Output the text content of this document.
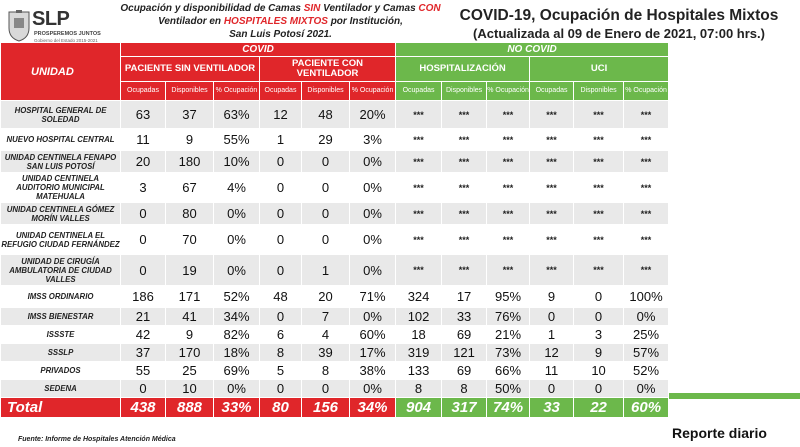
SLP
PROSPEREMOS JUNTOS
Gobierno del Estado 2015-2021
Ocupación y disponibilidad de Camas SIN Ventilador y Camas CON
Ventilador en HOSPITALES MIXTOS por Institución,
San Luis Potosí 2021.
COVID-19, Ocupación de Hospitales Mixtos
(Actualizada al 09 de Enero de 2021, 07:00 hrs.)
UNIDAD	COVID						NO COVID					
	PACIENTE SIN VENTILADOR			PACIENTE CON VENTILADOR			HOSPITALIZACIÓN			UCI		
	Ocupadas	Disponibles	% Ocupación	Ocupadas	Disponibles	% Ocupación	Ocupadas	Disponibles	% Ocupación	Ocupadas	Disponibles	% Ocupación
HOSPITAL GENERAL DE SOLEDAD	63	37	63%	12	48	20%	***	***	***	***	***	***
NUEVO HOSPITAL CENTRAL	11	9	55%	1	29	3%	***	***	***	***	***	***
UNIDAD CENTINELA FENAPO SAN LUIS POTOSÍ	20	180	10%	0	0	0%	***	***	***	***	***	***
UNIDAD CENTINELA AUDITORIO MUNICIPAL MATEHUALA	3	67	4%	0	0	0%	***	***	***	***	***	***
UNIDAD CENTINELA GÓMEZ MORÍN VALLES	0	80	0%	0	0	0%	***	***	***	***	***	***
UNIDAD CENTINELA EL REFUGIO CIUDAD FERNÁNDEZ	0	70	0%	0	0	0%	***	***	***	***	***	***
UNIDAD DE CIRUGÍA AMBULATORIA DE CIUDAD VALLES	0	19	0%	0	1	0%	***	***	***	***	***	***
IMSS ORDINARIO	186	171	52%	48	20	71%	324	17	95%	9	0	100%
IMSS BIENESTAR	21	41	34%	0	7	0%	102	33	76%	0	0	0%
ISSSTE	42	9	82%	6	4	60%	18	69	21%	1	3	25%
SSSLP	37	170	18%	8	39	17%	319	121	73%	12	9	57%
PRIVADOS	55	25	69%	5	8	38%	133	69	66%	11	10	52%
SEDENA	0	10	0%	0	0	0%	8	8	50%	0	0	0%
Total	438	888	33%	80	156	34%	904	317	74%	33	22	60%
Fuente: Informe de Hospitales Atención Médica	Reporte diario
